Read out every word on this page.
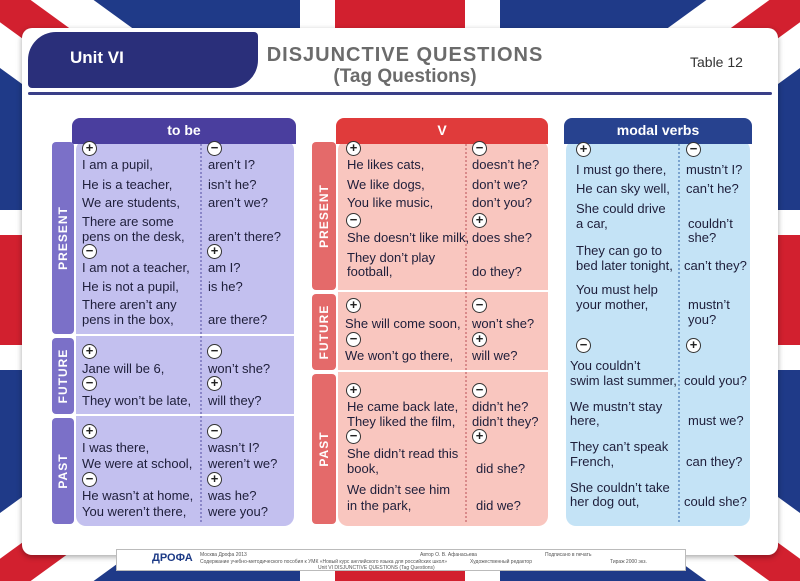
Unit VI	DISJUNCTIVE QUESTIONS
(Tag Questions)
Table 12
to be
PRESENT
FUTURE
PAST
+	−
I am a pupil,	aren’t I?
He is a teacher,	isn’t he?
We are students, aren’t we?
There are some
pens on the desk, aren’t there?
−	+
I am not a teacher, am I?
He is not a pupil, is he?
There aren’t any
pens in the box,	are there?
+	−
Jane will be 6,	won’t she?
−	+
They won’t be late, will they?
+	−
I was there,	wasn’t I?
We were at school, weren’t we?
−	+
He wasn’t at home, was he?
You weren’t there, were you?
V
PRESENT
FUTURE
PAST
+	−
He likes cats,	doesn’t he?
We like dogs,	don’t we?
You like music,	don’t you?
−	+
She doesn’t like milk, does she?
They don’t play
football,	do they?
+	−
She will come soon, won’t she?
−	+
We won’t go there, will we?
+	−
He came back late, didn’t he?
They liked the film, didn’t they?
−	+
She didn’t read this
book,	did she?
We didn’t see him
in the park,	did we?
modal verbs
+	−
I must go there, mustn’t I?
He can sky well, can’t he?
She could drive
a car,	couldn’t
she?
They can go to
bed later tonight, can’t they?
You must help
your mother,	mustn’t
you?
−	+
You couldn’t
swim last summer, could you?
We mustn’t stay
here,	must we?
They can’t speak
French,	can they?
She couldn’t take
her dog out,	could she?
ДРОФА Москва Дрофа 2013
Содержание учебно-методического пособия к УМК «Новый курс английского языка для российских школ»
Unit VI DISJUNCTIVE QUESTIONS (Tag Questions)
Автор О. В. Афанасьева
Художественный редактор
Подписано в печать
Тираж 2000 экз.
